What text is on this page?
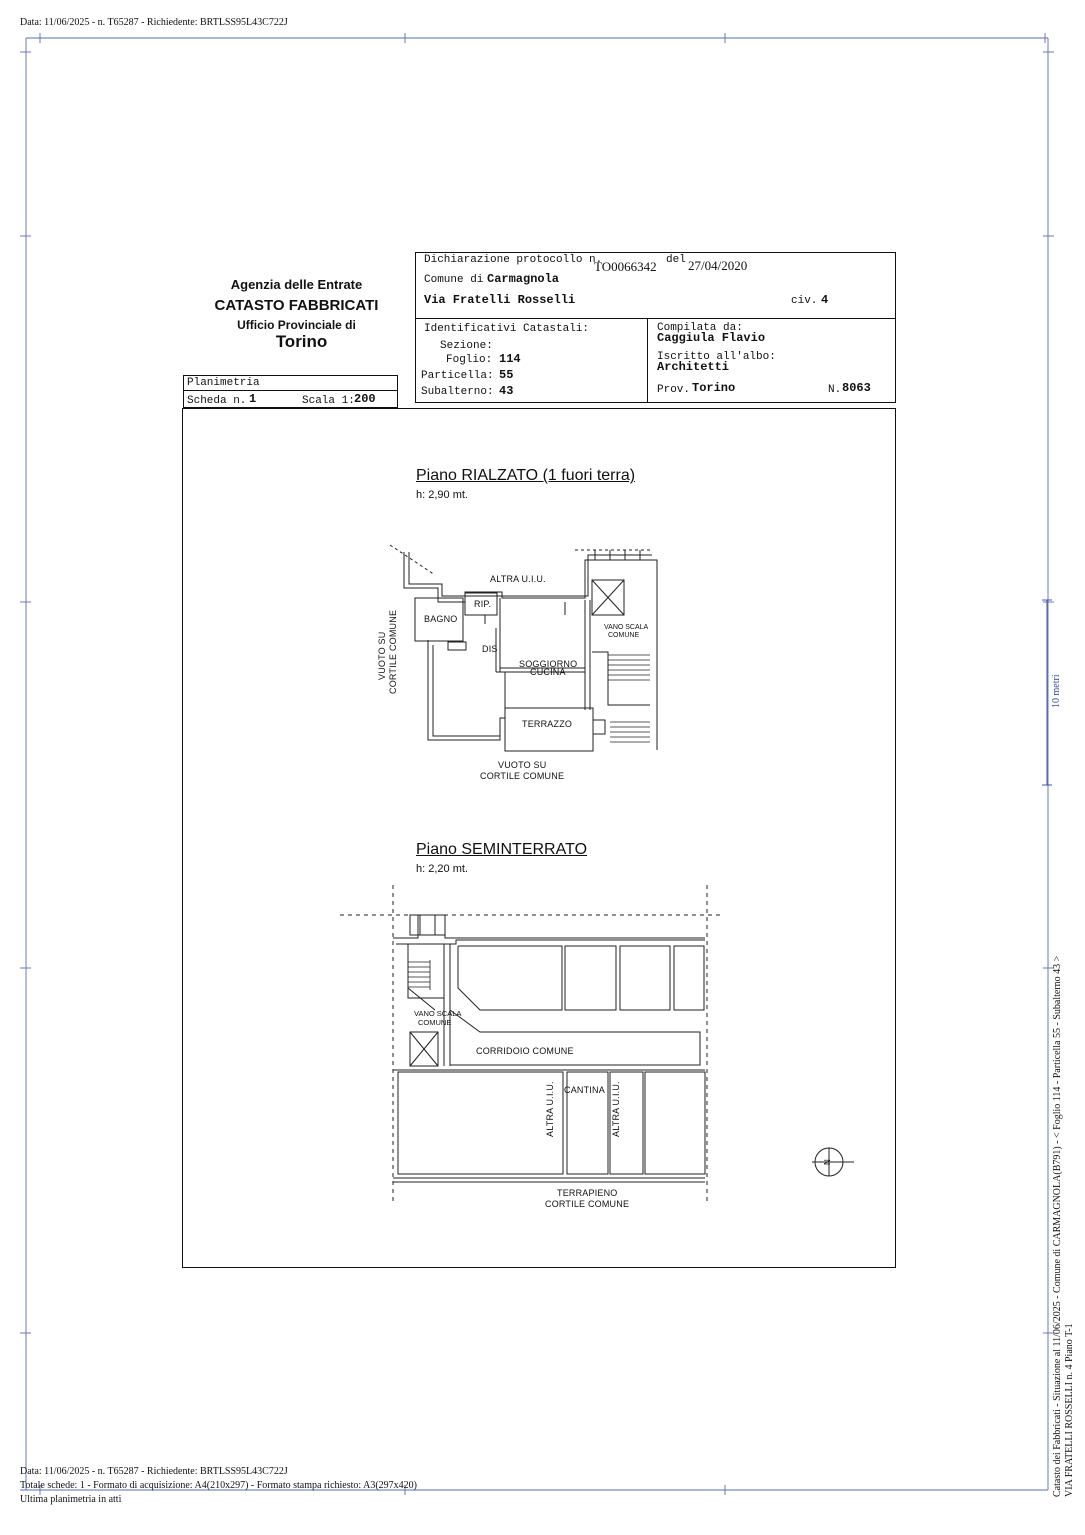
Data: 11/06/2025 - n. T65287 - Richiedente: BRTLSS95L43C722J
10 metri
Agenzia delle Entrate
CATASTO FABBRICATI
Ufficio Provinciale di
Torino
Planimetria
Scheda n. 1	Scala 1: 200
Dichiarazione protocollo n.
TO0066342 del 27/04/2020
Comune di Carmagnola
Via Fratelli Rosselli	civ. 4
Identificativi Catastali:
Sezione:
Foglio: 114
Particella: 55
Subalterno: 43
Compilata da:
Caggiula Flavio
Iscritto all'albo:
Architetti
Prov. Torino	N. 8063
Piano RIALZATO (1 fuori terra)
h: 2,90 mt.
Piano SEMINTERRATO
h: 2,20 mt.
ALTRA U.I.U.
RIP.
BAGNO
DIS
SOGGIORNO
CUCINA
VANO SCALA
COMUNE
TERRAZZO
VUOTO SU CORTILE COMUNE
VUOTO SU
CORTILE COMUNE
VANO SCALA
COMUNE
CORRIDOIO COMUNE
CANTINA
ALTRA U.I.U.	ALTRA U.I.U.
TERRAPIENO
CORTILE COMUNE
N	Catasto dei Fabbricati - Situazione al 11/06/2025 - Comune di CARMAGNOLA(B791) - < Foglio 114 - Particella 55 - Subalterno 43 > VIA FRATELLI ROSSELLI n. 4 Piano T-1
Data: 11/06/2025 - n. T65287 - Richiedente: BRTLSS95L43C722J
Totale schede: 1 - Formato di acquisizione: A4(210x297) - Formato stampa richiesto: A3(297x420)
Ultima planimetria in atti
